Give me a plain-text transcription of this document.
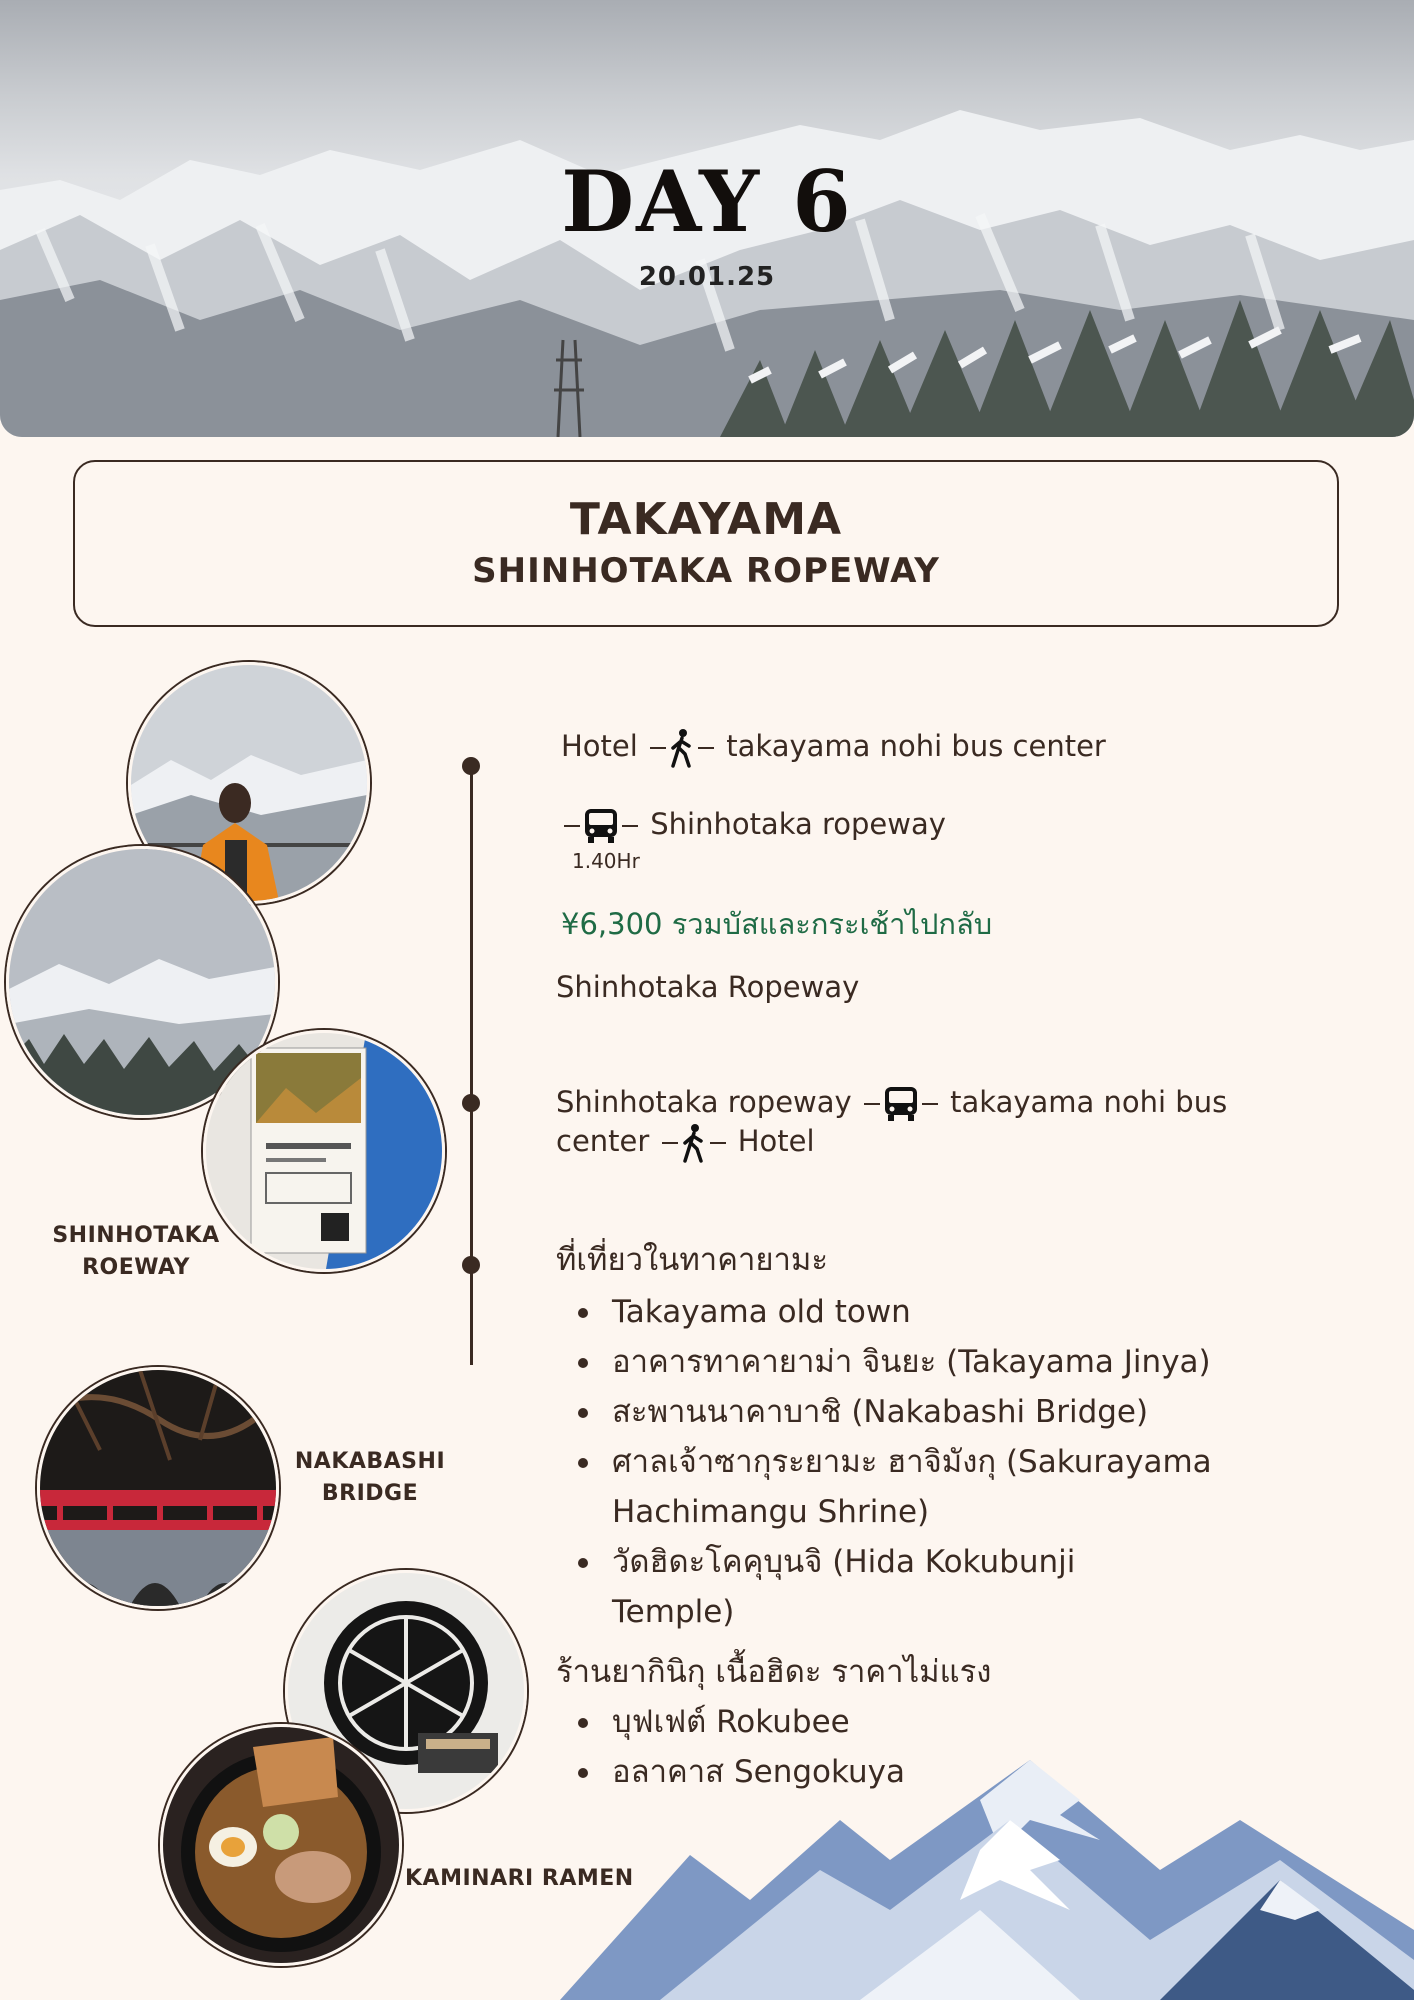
DAY 6
20.01.25
TAKAYAMA
SHINHOTAKA ROPEWAY
SHINHOTAKA
ROEWAY
NAKABASHI
BRIDGE
KAMINARI RAMEN
Hotel	takayama nohi bus center
Shinhotaka ropeway
1.40Hr
¥6,300 รวมบัสและกระเช้าไปกลับ
Shinhotaka Ropeway
Shinhotaka ropeway	takayama nohi bus
center	Hotel
ที่เที่ยวในทาคายามะ
Takayama old town
อาคารทาคายาม่า จินยะ (Takayama Jinya)
สะพานนาคาบาชิ (Nakabashi Bridge)
ศาลเจ้าซากุระยามะ ฮาจิมังกุ (Sakurayama
Hachimangu Shrine)
วัดฮิดะโคคุบุนจิ (Hida Kokubunji
Temple)
ร้านยากินิกุ เนื้อฮิดะ ราคาไม่แรง
บุฟเฟต์ Rokubee
อลาคาส Sengokuya
